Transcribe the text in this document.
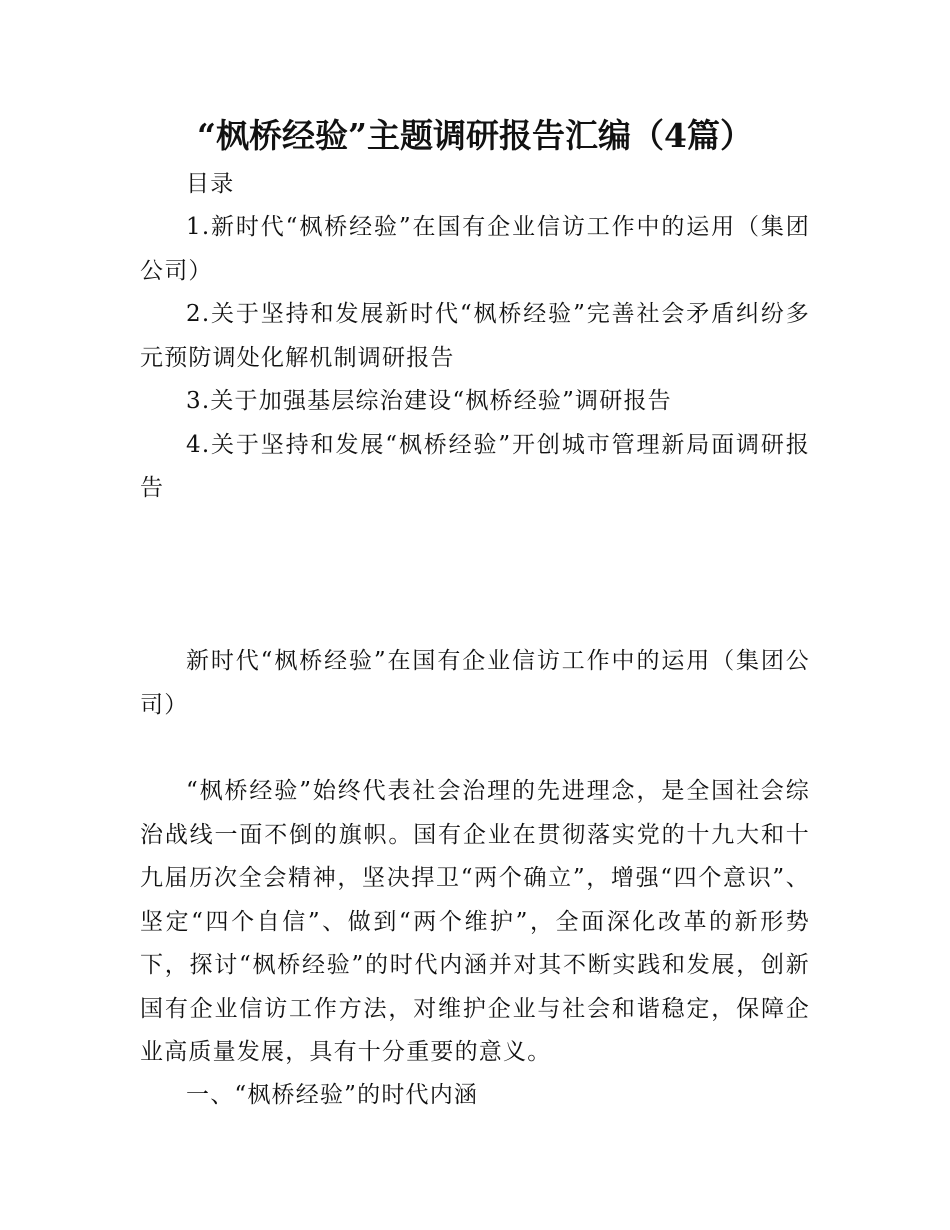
“枫桥经验”主题调研报告汇编（4篇）
目录

1.新时代“枫桥经验”在国有企业信访工作中的运用（集团公司）

2.关于坚持和发展新时代“枫桥经验”完善社会矛盾纠纷多元预防调处化解机制调研报告

3.关于加强基层综治建设“枫桥经验”调研报告

4.关于坚持和发展“枫桥经验”开创城市管理新局面调研报告

新时代“枫桥经验”在国有企业信访工作中的运用（集团公司）
“枫桥经验”始终代表社会治理的先进理念，是全国社会综治战线一面不倒的旗帜。国有企业在贯彻落实党的十九大和十九届历次全会精神，坚决捍卫“两个确立”，增强“四个意识”、坚定“四个自信”、做到“两个维护”，全面深化改革的新形势下，探讨“枫桥经验”的时代内涵并对其不断实践和发展，创新国有企业信访工作方法，对维护企业与社会和谐稳定，保障企业高质量发展，具有十分重要的意义。
一、“枫桥经验”的时代内涵
